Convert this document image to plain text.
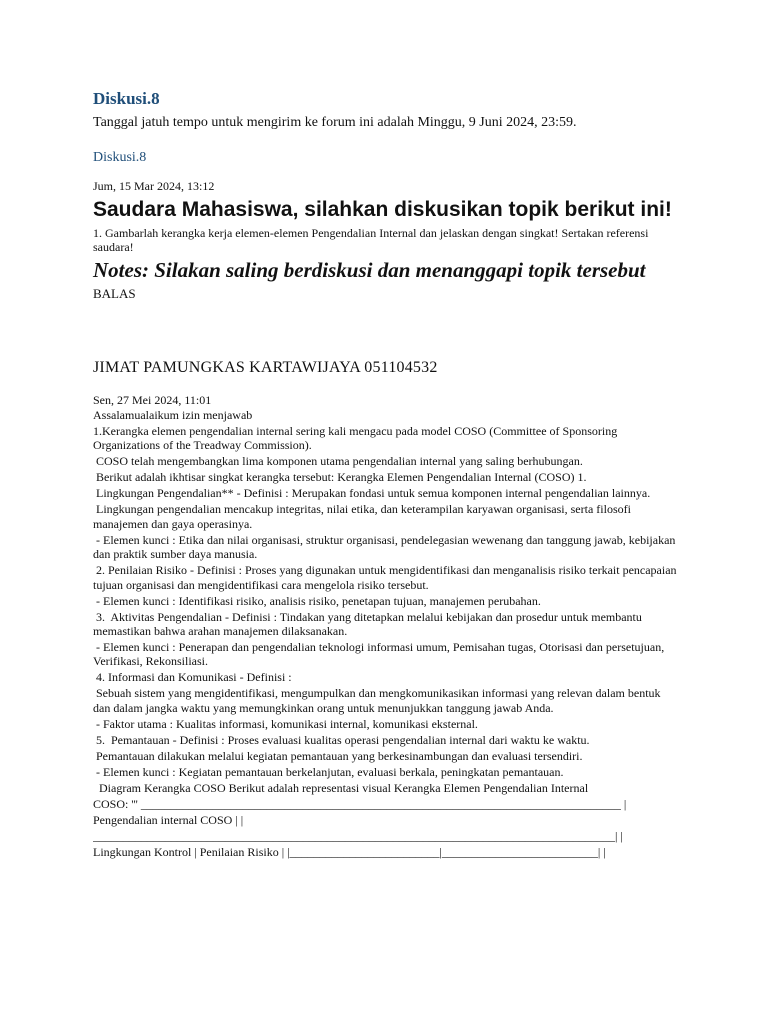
Diskusi.8

Tanggal jatuh tempo untuk mengirim ke forum ini adalah Minggu, 9 Juni 2024, 23:59.

Diskusi.8

Jum, 15 Mar 2024, 13:12

Saudara Mahasiswa, silahkan diskusikan topik berikut ini!

1. Gambarlah kerangka kerja elemen-elemen Pengendalian Internal dan jelaskan dengan singkat! Sertakan referensi saudara!

Notes: Silakan saling berdiskusi dan menanggapi topik tersebut

BALAS

JIMAT PAMUNGKAS KARTAWIJAYA 051104532

Sen, 27 Mei 2024, 11:01

Assalamualaikum izin menjawab

1.Kerangka elemen pengendalian internal sering kali mengacu pada model COSO (Committee of Sponsoring Organizations of the Treadway Commission).

COSO telah mengembangkan lima komponen utama pengendalian internal yang saling berhubungan.

Berikut adalah ikhtisar singkat kerangka tersebut: Kerangka Elemen Pengendalian Internal (COSO) 1.

Lingkungan Pengendalian** - Definisi : Merupakan fondasi untuk semua komponen internal pengendalian lainnya.

Lingkungan pengendalian mencakup integritas, nilai etika, dan keterampilan karyawan organisasi, serta filosofi manajemen dan gaya operasinya.

- Elemen kunci : Etika dan nilai organisasi, struktur organisasi, pendelegasian wewenang dan tanggung jawab, kebijakan dan praktik sumber daya manusia.

2. Penilaian Risiko - Definisi : Proses yang digunakan untuk mengidentifikasi dan menganalisis risiko terkait pencapaian tujuan organisasi dan mengidentifikasi cara mengelola risiko tersebut.

- Elemen kunci : Identifikasi risiko, analisis risiko, penetapan tujuan, manajemen perubahan.

3.  Aktivitas Pengendalian - Definisi : Tindakan yang ditetapkan melalui kebijakan dan prosedur untuk membantu memastikan bahwa arahan manajemen dilaksanakan.

- Elemen kunci : Penerapan dan pengendalian teknologi informasi umum, Pemisahan tugas, Otorisasi dan persetujuan, Verifikasi, Rekonsiliasi.

4. Informasi dan Komunikasi - Definisi :

Sebuah sistem yang mengidentifikasi, mengumpulkan dan mengkomunikasikan informasi yang relevan dalam bentuk dan dalam jangka waktu yang memungkinkan orang untuk menunjukkan tanggung jawab Anda.

- Faktor utama : Kualitas informasi, komunikasi internal, komunikasi eksternal.

5.  Pemantauan - Definisi : Proses evaluasi kualitas operasi pengendalian internal dari waktu ke waktu.

Pemantauan dilakukan melalui kegiatan pemantauan yang berkesinambungan dan evaluasi tersendiri.

- Elemen kunci : Kegiatan pemantauan berkelanjutan, evaluasi berkala, peningkatan pemantauan.

Diagram Kerangka COSO Berikut adalah representasi visual Kerangka Elemen Pengendalian Internal

COSO: ''' ________________________________________________________________________________ |

Pengendalian internal COSO | |

_______________________________________________________________________________________| |

Lingkungan Kontrol | Penilaian Risiko | |_________________________|__________________________| |
